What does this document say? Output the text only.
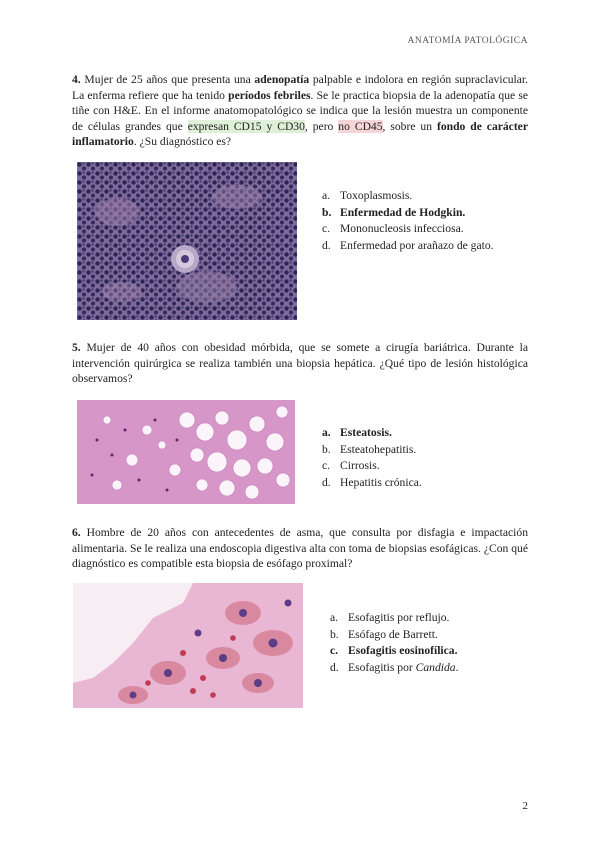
ANATOMÍA PATOLÓGICA
4. Mujer de 25 años que presenta una adenopatía palpable e indolora en región supraclavicular. La enferma refiere que ha tenido períodos febriles. Se le practica biopsia de la adenopatía que se tiñe con H&E. En el informe anatomopatológico se indica que la lesión muestra un componente de células grandes que expresan CD15 y CD30, pero no CD45, sobre un fondo de carácter inflamatorio. ¿Su diagnóstico es?
a. Toxoplasmosis.
b. Enfermedad de Hodgkin.
c. Mononucleosis infecciosa.
d. Enfermedad por arañazo de gato.
5. Mujer de 40 años con obesidad mórbida, que se somete a cirugía bariátrica. Durante la intervención quirúrgica se realiza también una biopsia hepática. ¿Qué tipo de lesión histológica observamos?
a. Esteatosis.
b. Esteatohepatitis.
c. Cirrosis.
d. Hepatitis crónica.
6. Hombre de 20 años con antecedentes de asma, que consulta por disfagia e impactación alimentaria. Se le realiza una endoscopia digestiva alta con toma de biopsias esofágicas. ¿Con qué diagnóstico es compatible esta biopsia de esófago proximal?
a. Esofagitis por reflujo.
b. Esófago de Barrett.
c. Esofagitis eosinofílica.
d. Esofagitis por Candida.
2
